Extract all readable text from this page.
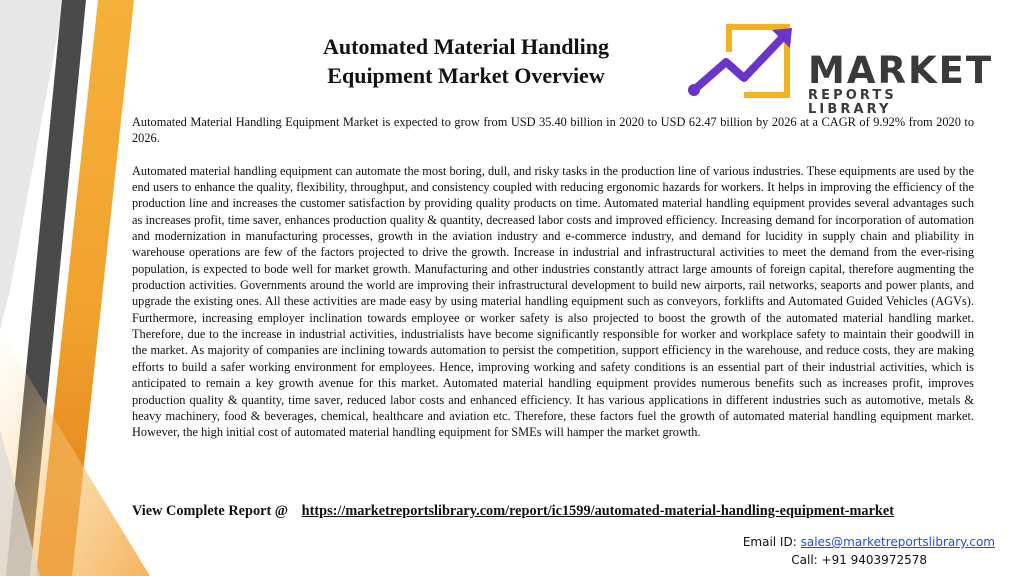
Automated Material Handling
Equipment Market Overview	MARKET
REPORTS LIBRARY

Automated Material Handling Equipment Market is expected to grow from USD 35.40 billion in 2020 to USD 62.47 billion by 2026 at a CAGR of 9.92% from 2020 to 2026.

Automated material handling equipment can automate the most boring, dull, and risky tasks in the production line of various industries. These equipments are used by the end users to enhance the quality, flexibility, throughput, and consistency coupled with reducing ergonomic hazards for workers. It helps in improving the efficiency of the production line and increases the customer satisfaction by providing quality products on time. Automated material handling equipment provides several advantages such as increases profit, time saver, enhances production quality & quantity, decreased labor costs and improved efficiency. Increasing demand for incorporation of automation and modernization in manufacturing processes, growth in the aviation industry and e-commerce industry, and demand for lucidity in supply chain and pliability in warehouse operations are few of the factors projected to drive the growth. Increase in industrial and infrastructural activities to meet the demand from the ever-rising population, is expected to bode well for market growth. Manufacturing and other industries constantly attract large amounts of foreign capital, therefore augmenting the production activities. Governments around the world are improving their infrastructural development to build new airports, rail networks, seaports and power plants, and upgrade the existing ones. All these activities are made easy by using material handling equipment such as conveyors, forklifts and Automated Guided Vehicles (AGVs). Furthermore, increasing employer inclination towards employee or worker safety is also projected to boost the growth of the automated material handling market. Therefore, due to the increase in industrial activities, industrialists have become significantly responsible for worker and workplace safety to maintain their goodwill in the market. As majority of companies are inclining towards automation to persist the competition, support efficiency in the warehouse, and reduce costs, they are making efforts to build a safer working environment for employees. Hence, improving working and safety conditions is an essential part of their industrial activities, which is anticipated to remain a key growth avenue for this market. Automated material handling equipment provides numerous benefits such as increases profit, improves production quality & quantity, time saver, reduced labor costs and enhanced efficiency. It has various applications in different industries such as automotive, metals & heavy machinery, food & beverages, chemical, healthcare and aviation etc. Therefore, these factors fuel the growth of automated material handling equipment market. However, the high initial cost of automated material handling equipment for SMEs will hamper the market growth.

View Complete Report @ https://marketreportslibrary.com/report/ic1599/automated-material-handling-equipment-market
Email ID: sales@marketreportslibrary.com
Call: +91 9403972578
